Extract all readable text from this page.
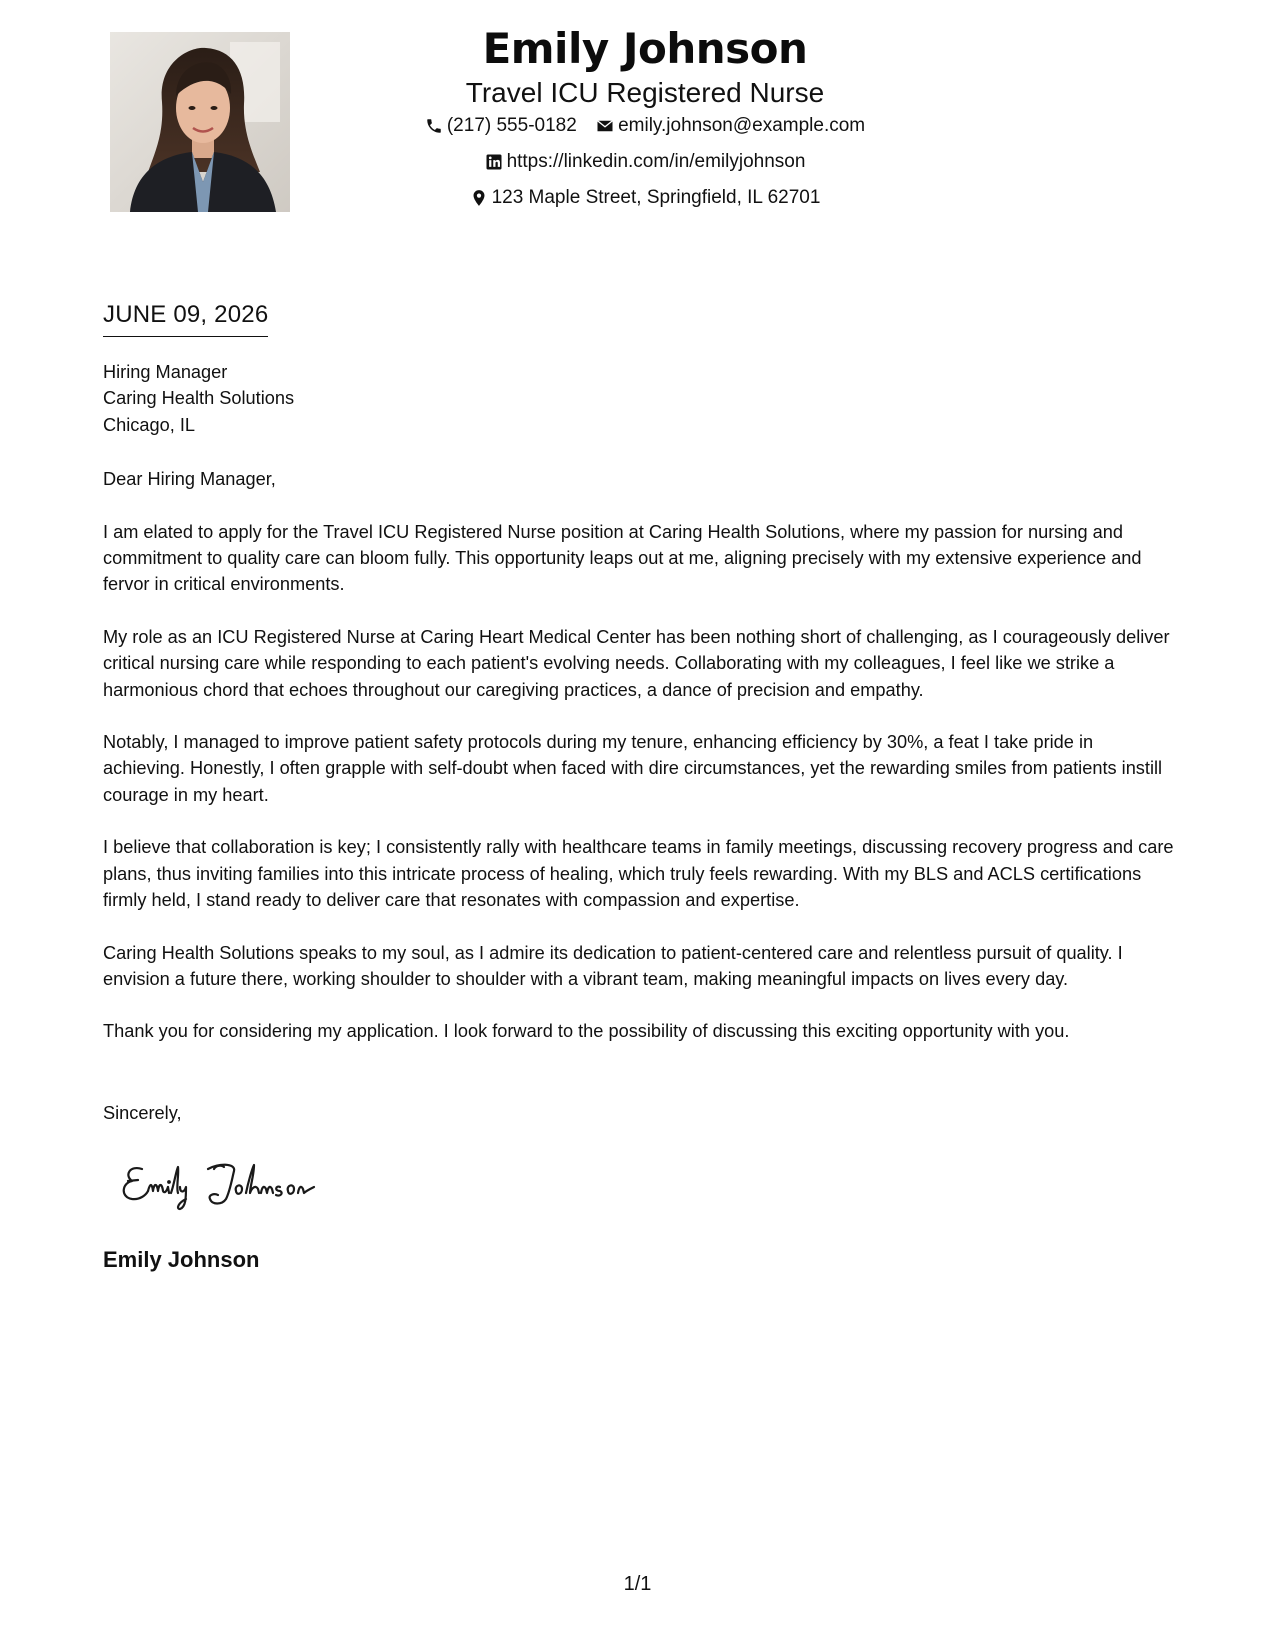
Emily Johnson
Travel ICU Registered Nurse
(217) 555-0182
emily.johnson@example.com
https://linkedin.com/in/emilyjohnson
123 Maple Street, Springfield, IL 62701
JUNE 09, 2026
Hiring Manager
Caring Health Solutions
Chicago, IL
Dear Hiring Manager,
I am elated to apply for the Travel ICU Registered Nurse position at Caring Health Solutions, where my passion for nursing and commitment to quality care can bloom fully. This opportunity leaps out at me, aligning precisely with my extensive experience and fervor in critical environments.
My role as an ICU Registered Nurse at Caring Heart Medical Center has been nothing short of challenging, as I courageously deliver critical nursing care while responding to each patient's evolving needs. Collaborating with my colleagues, I feel like we strike a harmonious chord that echoes throughout our caregiving practices, a dance of precision and empathy.
Notably, I managed to improve patient safety protocols during my tenure, enhancing efficiency by 30%, a feat I take pride in achieving. Honestly, I often grapple with self-doubt when faced with dire circumstances, yet the rewarding smiles from patients instill courage in my heart.
I believe that collaboration is key; I consistently rally with healthcare teams in family meetings, discussing recovery progress and care plans, thus inviting families into this intricate process of healing, which truly feels rewarding. With my BLS and ACLS certifications firmly held, I stand ready to deliver care that resonates with compassion and expertise.
Caring Health Solutions speaks to my soul, as I admire its dedication to patient-centered care and relentless pursuit of quality. I envision a future there, working shoulder to shoulder with a vibrant team, making meaningful impacts on lives every day.
Thank you for considering my application. I look forward to the possibility of discussing this exciting opportunity with you.
Sincerely,
Emily Johnson
1/1
